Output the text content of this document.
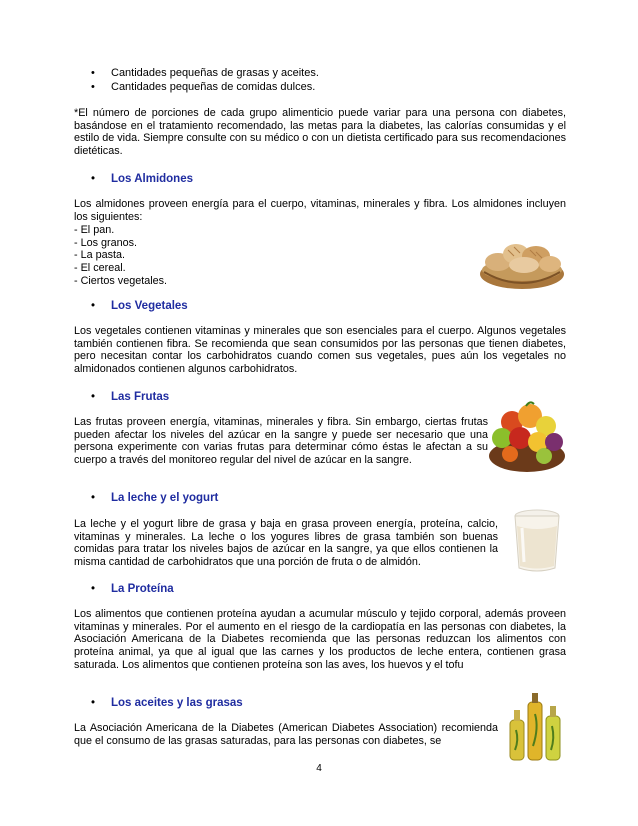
• Cantidades pequeñas de grasas y aceites.
• Cantidades pequeñas de comidas dulces.

*El número de porciones de cada grupo alimenticio puede variar para una persona con diabetes, basándose en el tratamiento recomendado, las metas para la diabetes, las calorías consumidas y el estilo de vida. Siempre consulte con su médico o con un dietista certificado para sus recomendaciones dietéticas.

• Los Almidones

Los almidones proveen energía para el cuerpo, vitaminas, minerales y fibra. Los almidones incluyen los siguientes:

- El pan.
- Los granos.
- La pasta.
- El cereal.
- Ciertos vegetales.
• Los Vegetales

Los vegetales contienen vitaminas y minerales que son esenciales para el cuerpo. Algunos vegetales también contienen fibra. Se recomienda que sean consumidos por las personas que tienen diabetes, pero necesitan contar los carbohidratos cuando comen sus vegetales, pues aún los vegetales no almidonados contienen algunos carbohidratos.

• Las Frutas

Las frutas proveen energía, vitaminas, minerales y fibra. Sin embargo, ciertas frutas pueden afectar los niveles del azúcar en la sangre y puede ser necesario que una persona experimente con varias frutas para determinar cómo éstas le afectan a su cuerpo a través del monitoreo regular del nivel de azúcar en la sangre.

• La leche y el yogurt

La leche y el yogurt libre de grasa y baja en grasa proveen energía, proteína, calcio, vitaminas y minerales. La leche o los yogures libres de grasa también son buenas comidas para tratar los niveles bajos de azúcar en la sangre, ya que ellos contienen la misma cantidad de carbohidratos que una porción de fruta o de almidón.

• La Proteína

Los alimentos que contienen proteína ayudan a acumular músculo y tejido corporal, además proveen vitaminas y minerales. Por el aumento en el riesgo de la cardiopatía en las personas con diabetes, la Asociación Americana de la Diabetes recomienda que las personas reduzcan los alimentos con proteína animal, ya que al igual que las carnes y los productos de leche entera, contienen grasa saturada. Los alimentos que contienen proteína son las aves, los huevos y el tofu

• Los aceites y las grasas

La Asociación Americana de la Diabetes (American Diabetes Association) recomienda que el consumo de las grasas saturadas, para las personas con diabetes, se

4
